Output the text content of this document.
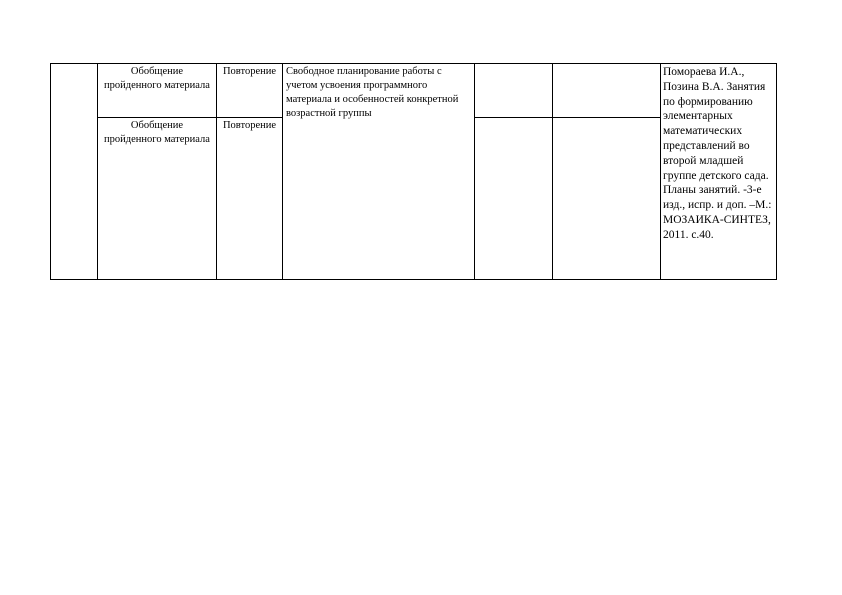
	Обобщение пройденного материала	Повторение	Свободное планирование работы с учетом усвоения программного материала и особенностей конкретной возрастной группы			Помораева И.А., Позина В.А. Занятия по формированию элементарных математических представлений во второй младшей группе детского сада. Планы занятий. -3-е изд., испр. и доп. –М.: МОЗАИКА-СИНТЕЗ, 2011. с.40.
	Обобщение пройденного материала	Повторение				
